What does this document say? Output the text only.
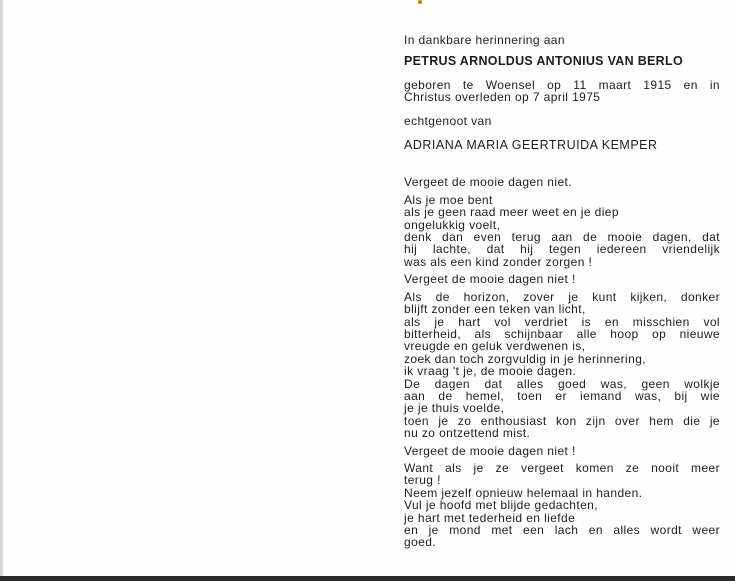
In dankbare herinnering aan

PETRUS ARNOLDUS ANTONIUS VAN BERLO

geboren te Woensel op 11 maart 1915 en in

Christus overleden op 7 april 1975

echtgenoot van

ADRIANA MARIA GEERTRUIDA KEMPER

Vergeet de mooie dagen niet.
Als je moe bent
als je geen raad meer weet en je diep
ongelukkig voelt,
denk dan even terug aan de mooie dagen, dat
hij lachte, dat hij tegen iedereen vriendelijk
was als een kind zonder zorgen !
Vergeet de mooie dagen niet !
Als de horizon, zover je kunt kijken, donker
blijft zonder een teken van licht,
als je hart vol verdriet is en misschien vol
bitterheid, als schijnbaar alle hoop op nieuwe
vreugde en geluk verdwenen is,
zoek dan toch zorgvuldig in je herinnering,
ik vraag 't je, de mooie dagen.
De dagen dat alles goed was, geen wolkje
aan de hemel, toen er iemand was, bij wie
je je thuis voelde,
toen je zo enthousiast kon zijn over hem die je
nu zo ontzettend mist.
Vergeet de mooie dagen niet !
Want als je ze vergeet komen ze nooit meer
terug !
Neem jezelf opnieuw helemaal in handen.
Vul je hoofd met blijde gedachten,
je hart met tederheid en liefde
en je mond met een lach en alles wordt weer
goed.
